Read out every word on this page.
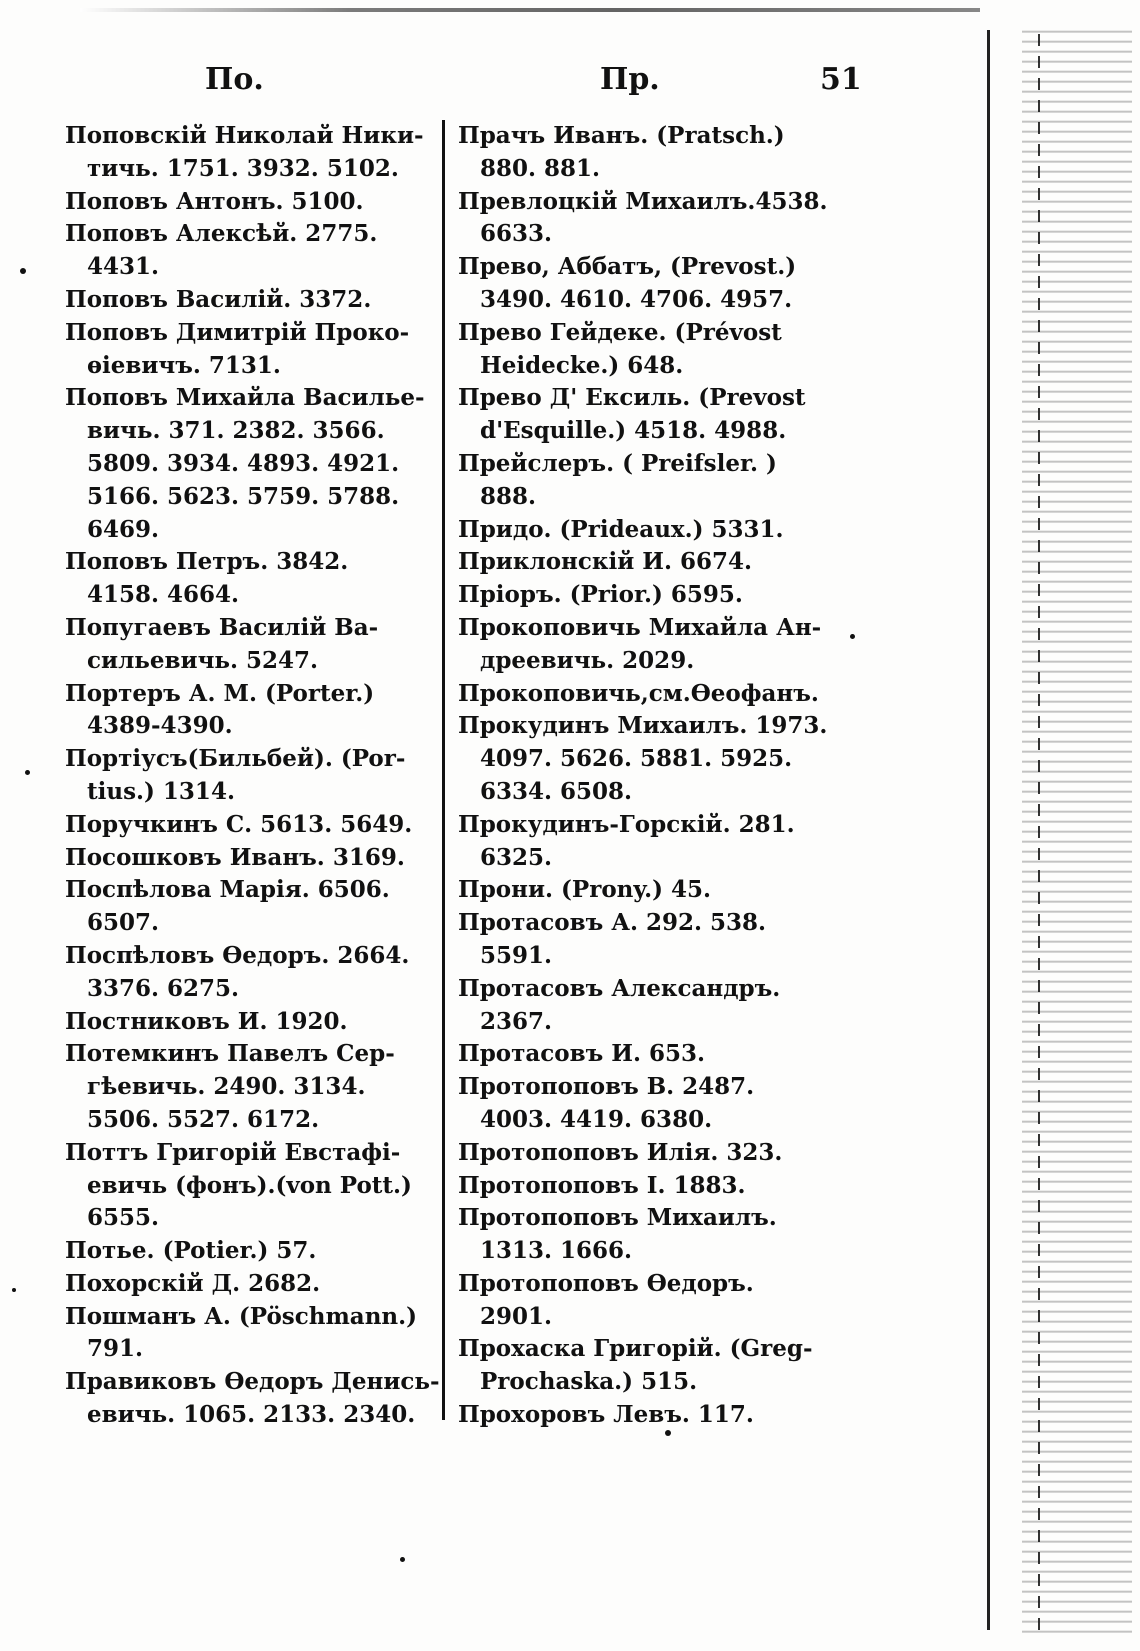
По.	Пр.	51
Поповскій Николай Ники-
тичь. 1751. 3932. 5102.
Поповъ Антонъ. 5100.
Поповъ Алексѣй. 2775.
4431.
Поповъ Василій. 3372.
Поповъ Димитрій Проко-
ѳіевичъ. 7131.
Поповъ Михайла Василье-
вичь. 371. 2382. 3566.
5809. 3934. 4893. 4921.
5166. 5623. 5759. 5788.
6469.
Поповъ Петръ. 3842.
4158. 4664.
Попугаевъ Василій Ва-
сильевичь. 5247.
Портеръ А. М. (Porter.)
4389-4390.
Портіусъ(Бильбей). (Por-
tius.) 1314.
Поручкинъ С. 5613. 5649.
Посошковъ Иванъ. 3169.
Поспѣлова Марія. 6506.
6507.
Поспѣловъ Ѳедоръ. 2664.
3376. 6275.
Постниковъ И. 1920.
Потемкинъ Павелъ Сер-
гѣевичь. 2490. 3134.
5506. 5527. 6172.
Поттъ Григорій Евстафі-
евичь (фонъ).(von Pott.)
6555.
Потье. (Potier.) 57.
Похорскій Д. 2682.
Пошманъ А. (Pöschmann.)
791.
Правиковъ Ѳедоръ Денись-
евичь. 1065. 2133. 2340.
Прачъ Иванъ. (Pratsch.)
880. 881.
Превлоцкій Михаилъ.4538.
6633.
Прево, Аббатъ, (Prevost.)
3490. 4610. 4706. 4957.
Прево Гейдеке. (Prévost
Heidecke.) 648.
Прево Д' Ексиль. (Prevost
d'Esquille.) 4518. 4988.
Прейслеръ. ( Preifsler. )
888.
Придо. (Prideaux.) 5331.
Приклонскій И. 6674.
Пріоръ. (Prior.) 6595.
Прокоповичь Михайла Ан-
дреевичь. 2029.
Прокоповичь,см.Ѳеофанъ.
Прокудинъ Михаилъ. 1973.
4097. 5626. 5881. 5925.
6334. 6508.
Прокудинъ-Горскій. 281.
6325.
Прони. (Prony.) 45.
Протасовъ А. 292. 538.
5591.
Протасовъ Александръ.
2367.
Протасовъ И. 653.
Протопоповъ В. 2487.
4003. 4419. 6380.
Протопоповъ Илія. 323.
Протопоповъ І. 1883.
Протопоповъ Михаилъ.
1313. 1666.
Протопоповъ Ѳедоръ.
2901.
Прохаска Григорій. (Greg-
Prochaska.) 515.
Прохоровъ Левъ. 117.
